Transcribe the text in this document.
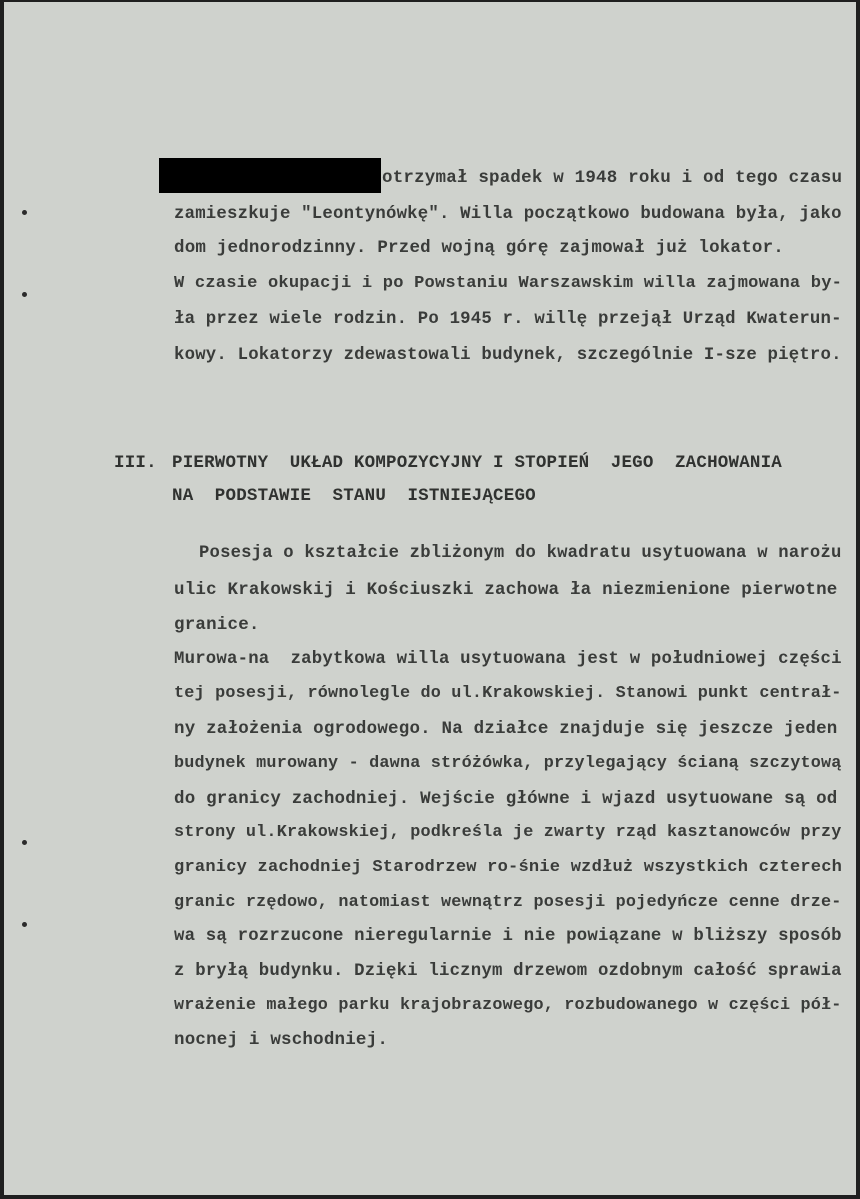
otrzymał spadek w 1948 roku i od tego czasu
zamieszkuje "Leontynówkę". Willa początkowo budowana była, jako
dom jednorodzinny. Przed wojną górę zajmował już lokator.
W czasie okupacji i po Powstaniu Warszawskim willa zajmowana by-
ła przez wiele rodzin. Po 1945 r. willę przejął Urząd Kwaterun-
kowy. Lokatorzy zdewastowali budynek, szczególnie I-sze piętro.
III. PIERWOTNY  UKŁAD KOMPOZYCYJNY I STOPIEŃ  JEGO  ZACHOWANIA
NA  PODSTAWIE  STANU  ISTNIEJĄCEGO
Posesja o kształcie zbliżonym do kwadratu usytuowana w narożu
ulic Krakowskij i Kościuszki zachowa ła niezmienione pierwotne
granice.
Murowa-na  zabytkowa willa usytuowana jest w południowej części
tej posesji, równolegle do ul.Krakowskiej. Stanowi punkt centrał-
ny założenia ogrodowego. Na działce znajduje się jeszcze jeden
budynek murowany - dawna stróżówka, przylegający ścianą szczytową
do granicy zachodniej. Wejście główne i wjazd usytuowane są od
strony ul.Krakowskiej, podkreśla je zwarty rząd kasztanowców przy
granicy zachodniej Starodrzew ro-śnie wzdłuż wszystkich czterech
granic rzędowo, natomiast wewnątrz posesji pojedyńcze cenne drze-
wa są rozrzucone nieregularnie i nie powiązane w bliższy sposób
z bryłą budynku. Dzięki licznym drzewom ozdobnym całość sprawia
wrażenie małego parku krajobrazowego, rozbudowanego w części pół-
nocnej i wschodniej.
